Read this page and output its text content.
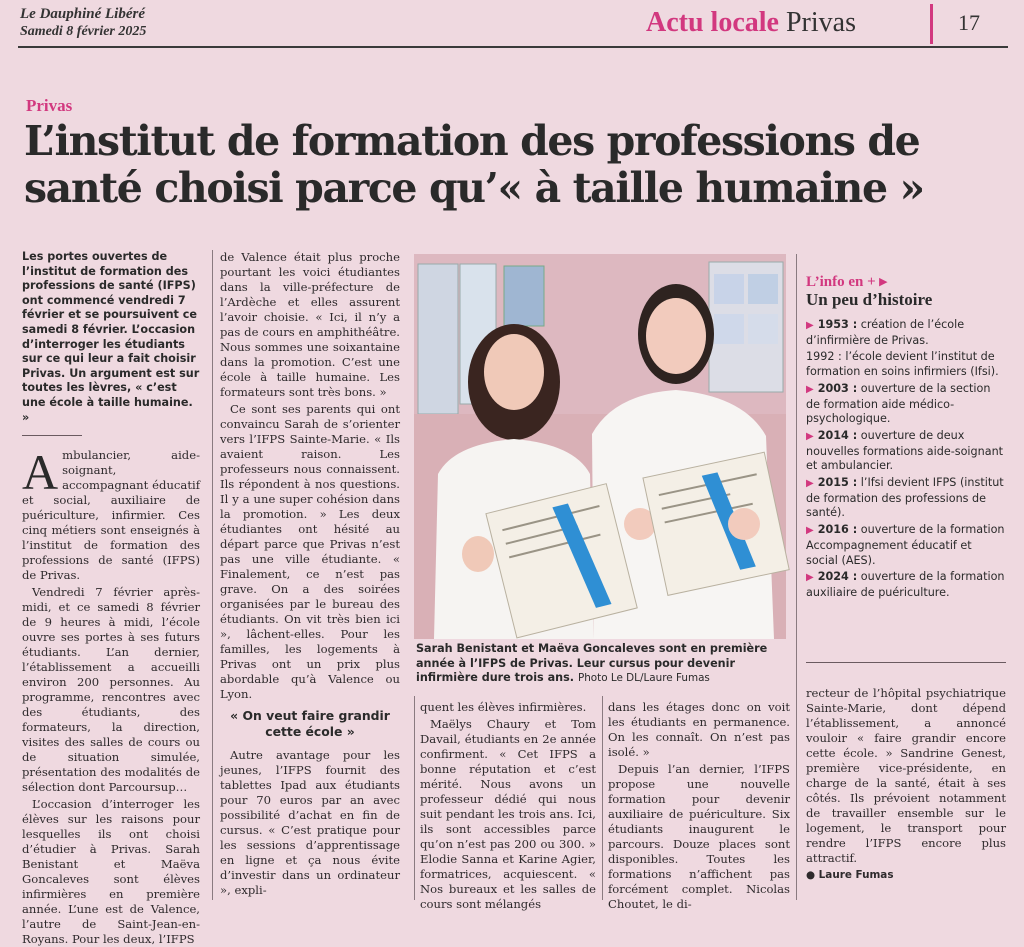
Le Dauphiné Libéré
Samedi 8 février 2025	Actu locale Privas	17
Privas
L’institut de formation des professions de
santé choisi parce qu’« à taille humaine »

Les portes ouvertes de l’institut de formation des professions de santé (IFPS) ont commencé vendredi 7 février et se poursuivent ce samedi 8 février. L’occasion d’interroger les étudiants sur ce qui leur a fait choisir Privas. Un argument est sur toutes les lèvres, « c’est une école à taille humaine. »

Ambulancier, aide-soignant, accompagnant éducatif et social, auxiliaire de puériculture, infirmier. Ces cinq métiers sont enseignés à l’institut de formation des professions de santé (IFPS) de Privas.

Vendredi 7 février après-midi, et ce samedi 8 février de 9 heures à midi, l’école ouvre ses portes à ses futurs étudiants. L’an dernier, l’établissement a accueilli environ 200 personnes. Au programme, rencontres avec des étudiants, des formateurs, la direction, visites des salles de cours ou de situation simulée, présentation des modalités de sélection dont Parcoursup…

L’occasion d’interroger les élèves sur les raisons pour lesquelles ils ont choisi d’étudier à Privas. Sarah Benistant et Maëva Goncaleves sont élèves infirmières en première année. L’une est de Valence, l’autre de Saint-Jean-en-Royans. Pour les deux, l’IFPS

de Valence était plus proche pourtant les voici étudiantes dans la ville-préfecture de l’Ardèche et elles assurent l’avoir choisie. « Ici, il n’y a pas de cours en amphithéâtre. Nous sommes une soixantaine dans la promotion. C’est une école à taille humaine. Les formateurs sont très bons. »

Ce sont ses parents qui ont convaincu Sarah de s’orienter vers l’IFPS Sainte-Marie. « Ils avaient raison. Les professeurs nous connaissent. Ils répondent à nos questions. Il y a une super cohésion dans la promotion. » Les deux étudiantes ont hésité au départ parce que Privas n’est pas une ville étudiante. « Finalement, ce n’est pas grave. On a des soirées organisées par le bureau des étudiants. On vit très bien ici », lâchent-elles. Pour les familles, les logements à Privas ont un prix plus abordable qu’à Valence ou Lyon.

« On veut faire grandir cette école »

Autre avantage pour les jeunes, l’IFPS fournit des tablettes Ipad aux étudiants pour 70 euros par an avec possibilité d’achat en fin de cursus. « C’est pratique pour les sessions d’apprentissage en ligne et ça nous évite d’investir dans un ordinateur », expli-

Sarah Benistant et Maëva Goncaleves sont en première année à l’IFPS de Privas. Leur cursus pour devenir infirmière dure trois ans. Photo Le DL/Laure Fumas

quent les élèves infirmières.

Maëlys Chaury et Tom Davail, étudiants en 2e année confirment. « Cet IFPS a bonne réputation et c’est mérité. Nous avons un professeur dédié qui nous suit pendant les trois ans. Ici, ils sont accessibles parce qu’on n’est pas 200 ou 300. » Elodie Sanna et Karine Agier, formatrices, acquiescent. « Nos bureaux et les salles de cours sont mélangés

dans les étages donc on voit les étudiants en permanence. On les connaît. On n’est pas isolé. »

Depuis l’an dernier, l’IFPS propose une nouvelle formation pour devenir auxiliaire de puériculture. Six étudiants inaugurent le parcours. Douze places sont disponibles. Toutes les formations n’affichent pas forcément complet. Nicolas Choutet, le di-

L’info en + ▸
Un peu d’histoire
▶ 1953 : création de l’école d’infirmière de Privas.
1992 : l’école devient l’institut de formation en soins infirmiers (Ifsi).
▶ 2003 : ouverture de la section de formation aide médico-psychologique.
▶ 2014 : ouverture de deux nouvelles formations aide-soignant et ambulancier.
▶ 2015 : l’Ifsi devient IFPS (institut de formation des professions de santé).
▶ 2016 : ouverture de la formation Accompagnement éducatif et social (AES).
▶ 2024 : ouverture de la formation auxiliaire de puériculture.

recteur de l’hôpital psychiatrique Sainte-Marie, dont dépend l’établissement, a annoncé vouloir « faire grandir encore cette école. » Sandrine Genest, première vice-présidente, en charge de la santé, était à ses côtés. Ils prévoient notamment de travailler ensemble sur le logement, le transport pour rendre l’IFPS encore plus attractif.

● Laure Fumas
